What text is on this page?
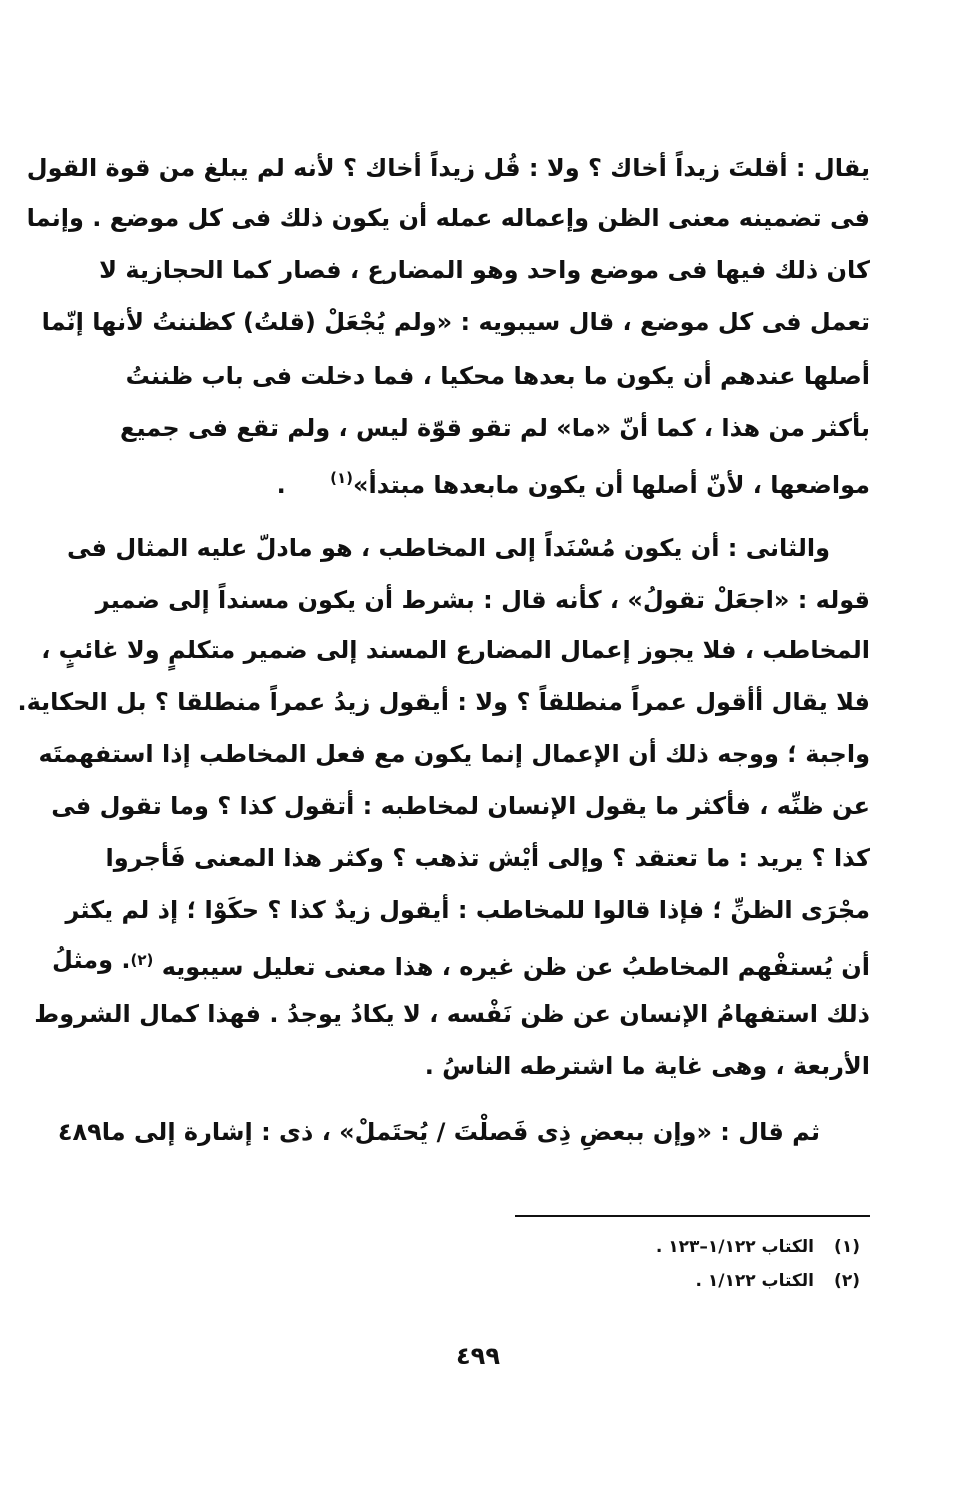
يقال : أقلتَ زيداً أخاك ؟ ولا : قُل زيداً أخاك ؟ لأنه لم يبلغ من قوة القول
فى تضمينه معنى الظن وإعماله عمله أن يكون ذلك فى كل موضع . وإنما
كان ذلك فيها فى موضع واحد وهو المضارع ، فصار كما الحجازية لا
تعمل فى كل موضع ، قال سيبويه : «ولم يُجْعَلْ (قلتُ) كظننتُ لأنها إنّما
أصلها عندهم أن يكون ما بعدها محكيا ، فما دخلت فى باب ظننتُ
بأكثر من هذا ، كما أنّ «ما» لم تقو قوّة ليس ، ولم تقع فى جميع
مواضعها ، لأنّ أصلها أن يكون مابعدها مبتدأ»$^{(١)}$ .
والثانى : أن يكون مُسْنَداً إلى المخاطب ، هو مادلّ عليه المثال فى
قوله : «اجعَلْ تقولُ» ، كأنه قال : بشرط أن يكون مسنداً إلى ضمير
المخاطب ، فلا يجوز إعمال المضارع المسند إلى ضمير متكلمٍ ولا غائبٍ ،
فلا يقال أأقول عمراً منطلقاً ؟ ولا : أيقول زيدُ عمراً منطلقا ؟ بل الحكاية.
واجبة ؛ ووجه ذلك أن الإعمال إنما يكون مع فعل المخاطب إذا استفهمتَه
عن ظنِّه ، فأكثر ما يقول الإنسان لمخاطبه : أتقول كذا ؟ وما تقول فى
كذا ؟ يريد : ما تعتقد ؟ وإلى أيْش تذهب ؟ وكثر هذا المعنى فَأجروا
مجْرَى الظنِّ ؛ فإذا قالوا للمخاطب : أيقول زيدٌ كذا ؟ حكَوْا ؛ إذ لم يكثر
أن يُستفْهم المخاطبُ عن ظن غيره ، هذا معنى تعليل سيبويه $^{(٢)}$
. ومثلُ
ذلك استفهامُ الإنسان عن ظن نَفْسه ، لا يكادُ يوجدُ . فهذا كمال الشروط
الأربعة ، وهى غاية ما اشترطه الناسُ .
ثم قال : «وإن ببعضِ ذِى فَصلْتَ / يُحتَملْ» ، ذى : إشارة إلى ما
٤٨٩
(١)الكتاب ١/١٢٢–١٢٣ .
(٢)الكتاب ١/١٢٢ .
٤٩٩
